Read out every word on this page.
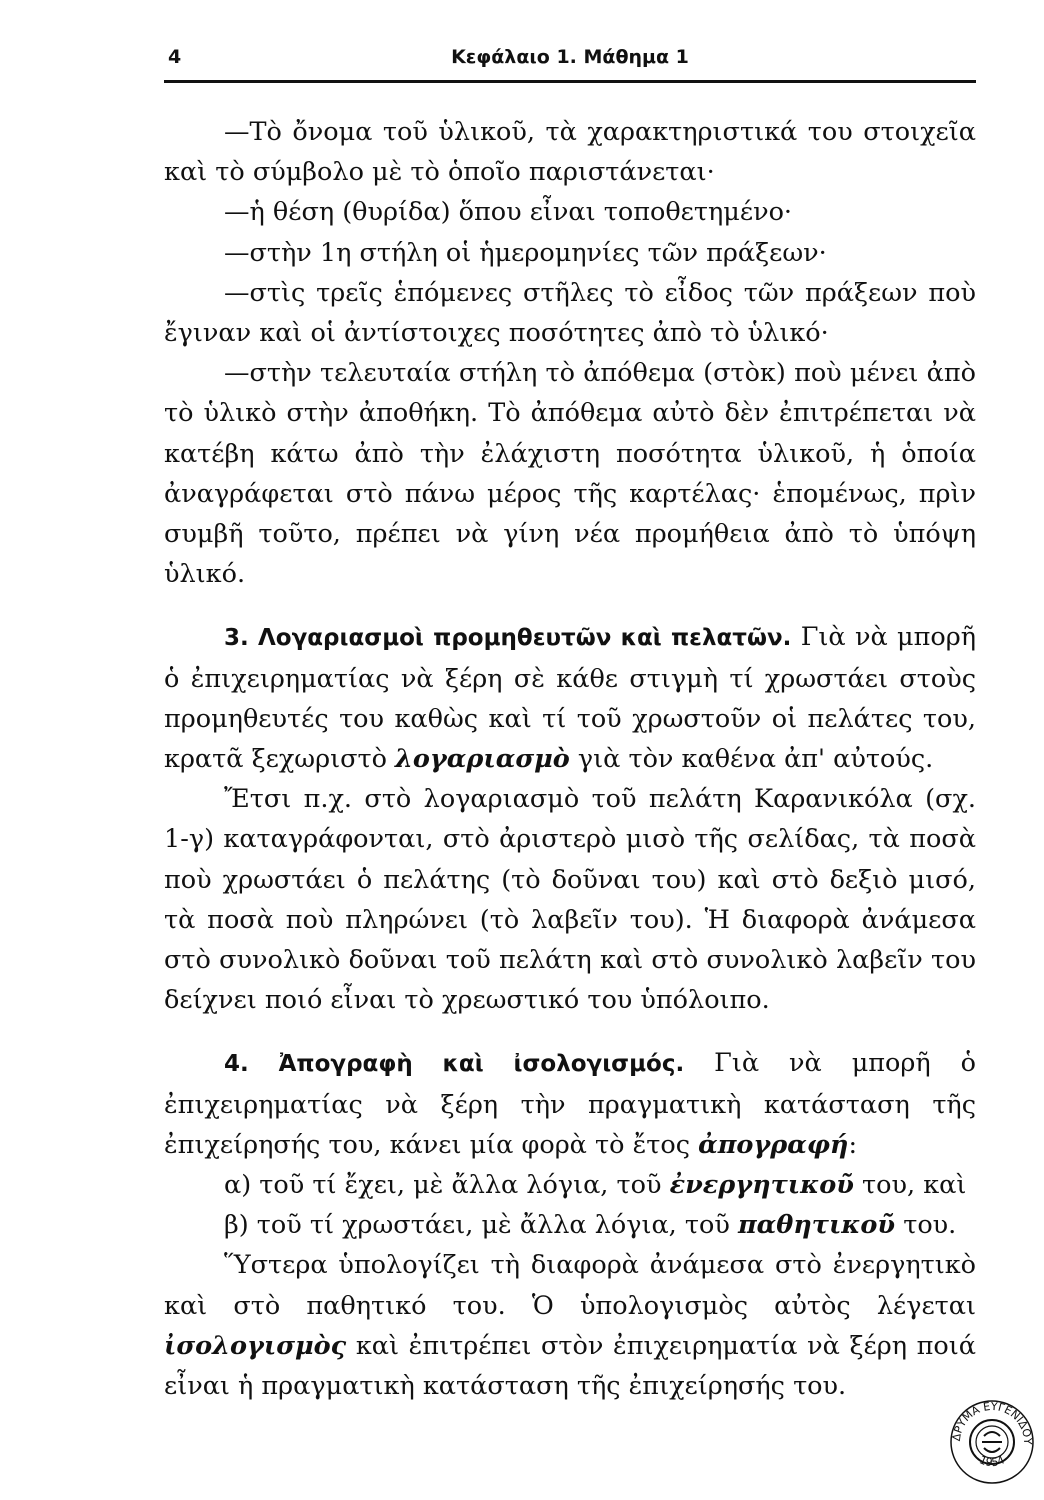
4	Κεφάλαιο 1. Μάθημα 1

—Τὸ ὄνομα τοῦ ὑλικοῦ, τὰ χαρακτηριστικά του στοιχεῖα καὶ τὸ σύμβολο μὲ τὸ ὁποῖο παριστάνεται·

—ἡ θέση (θυρίδα) ὅπου εἶναι τοποθετημένο·

—στὴν 1η στήλη οἱ ἡμερομηνίες τῶν πράξεων·

—στὶς τρεῖς ἑπόμενες στῆλες τὸ εἶδος τῶν πράξεων ποὺ ἔγιναν καὶ οἱ ἀντίστοιχες ποσότητες ἀπὸ τὸ ὑλικό·

—στὴν τελευταία στήλη τὸ ἀπόθεμα (στὸκ) ποὺ μένει ἀπὸ τὸ ὑλικὸ στὴν ἀποθήκη. Τὸ ἀπόθεμα αὐτὸ δὲν ἐπιτρέπεται νὰ κατέβη κάτω ἀπὸ τὴν ἐλάχιστη ποσότητα ὑλικοῦ, ἡ ὁποία ἀναγράφεται στὸ πάνω μέρος τῆς καρτέλας· ἑπομένως, πρὶν συμβῆ τοῦτο, πρέπει νὰ γίνη νέα προμήθεια ἀπὸ τὸ ὑπόψη ὑλικό.

3. Λογαριασμοὶ προμηθευτῶν καὶ πελατῶν. Γιὰ νὰ μπορῆ ὁ ἐπιχειρηματίας νὰ ξέρη σὲ κάθε στιγμὴ τί χρωστάει στοὺς προμηθευτές του καθὼς καὶ τί τοῦ χρωστοῦν οἱ πελάτες του, κρατᾶ ξεχωριστὸ λογαριασμὸ γιὰ τὸν καθένα ἀπ' αὐτούς.

Ἔτσι π.χ. στὸ λογαριασμὸ τοῦ πελάτη Καρανικόλα (σχ. 1-γ) καταγράφονται, στὸ ἀριστερὸ μισὸ τῆς σελίδας, τὰ ποσὰ ποὺ χρωστάει ὁ πελάτης (τὸ δοῦναι του) καὶ στὸ δεξιὸ μισό, τὰ ποσὰ ποὺ πληρώνει (τὸ λαβεῖν του). Ἡ διαφορὰ ἀνάμεσα στὸ συνολικὸ δοῦναι τοῦ πελάτη καὶ στὸ συνολικὸ λαβεῖν του δείχνει ποιό εἶναι τὸ χρεωστικό του ὑπόλοιπο.

4. Ἀπογραφὴ καὶ ἰσολογισμός. Γιὰ νὰ μπορῆ ὁ ἐπιχειρηματίας νὰ ξέρη τὴν πραγματικὴ κατάσταση τῆς ἐπιχείρησής του, κάνει μία φορὰ τὸ ἔτος ἀπογραφή:

α) τοῦ τί ἔχει, μὲ ἄλλα λόγια, τοῦ ἐνεργητικοῦ του, καὶ

β) τοῦ τί χρωστάει, μὲ ἄλλα λόγια, τοῦ παθητικοῦ του.

Ὕστερα ὑπολογίζει τὴ διαφορὰ ἀνάμεσα στὸ ἐνεργητικὸ καὶ στὸ παθητικό του. Ὁ ὑπολογισμὸς αὐτὸς λέγεται ἰσολογισμὸς καὶ ἐπιτρέπει στὸν ἐπιχειρηματία νὰ ξέρη ποιά εἶναι ἡ πραγματικὴ κατάσταση τῆς ἐπιχείρησής του.

ΔΡΥΜΑ ΕΥΓΕΝΙΔΟΥ
1954
